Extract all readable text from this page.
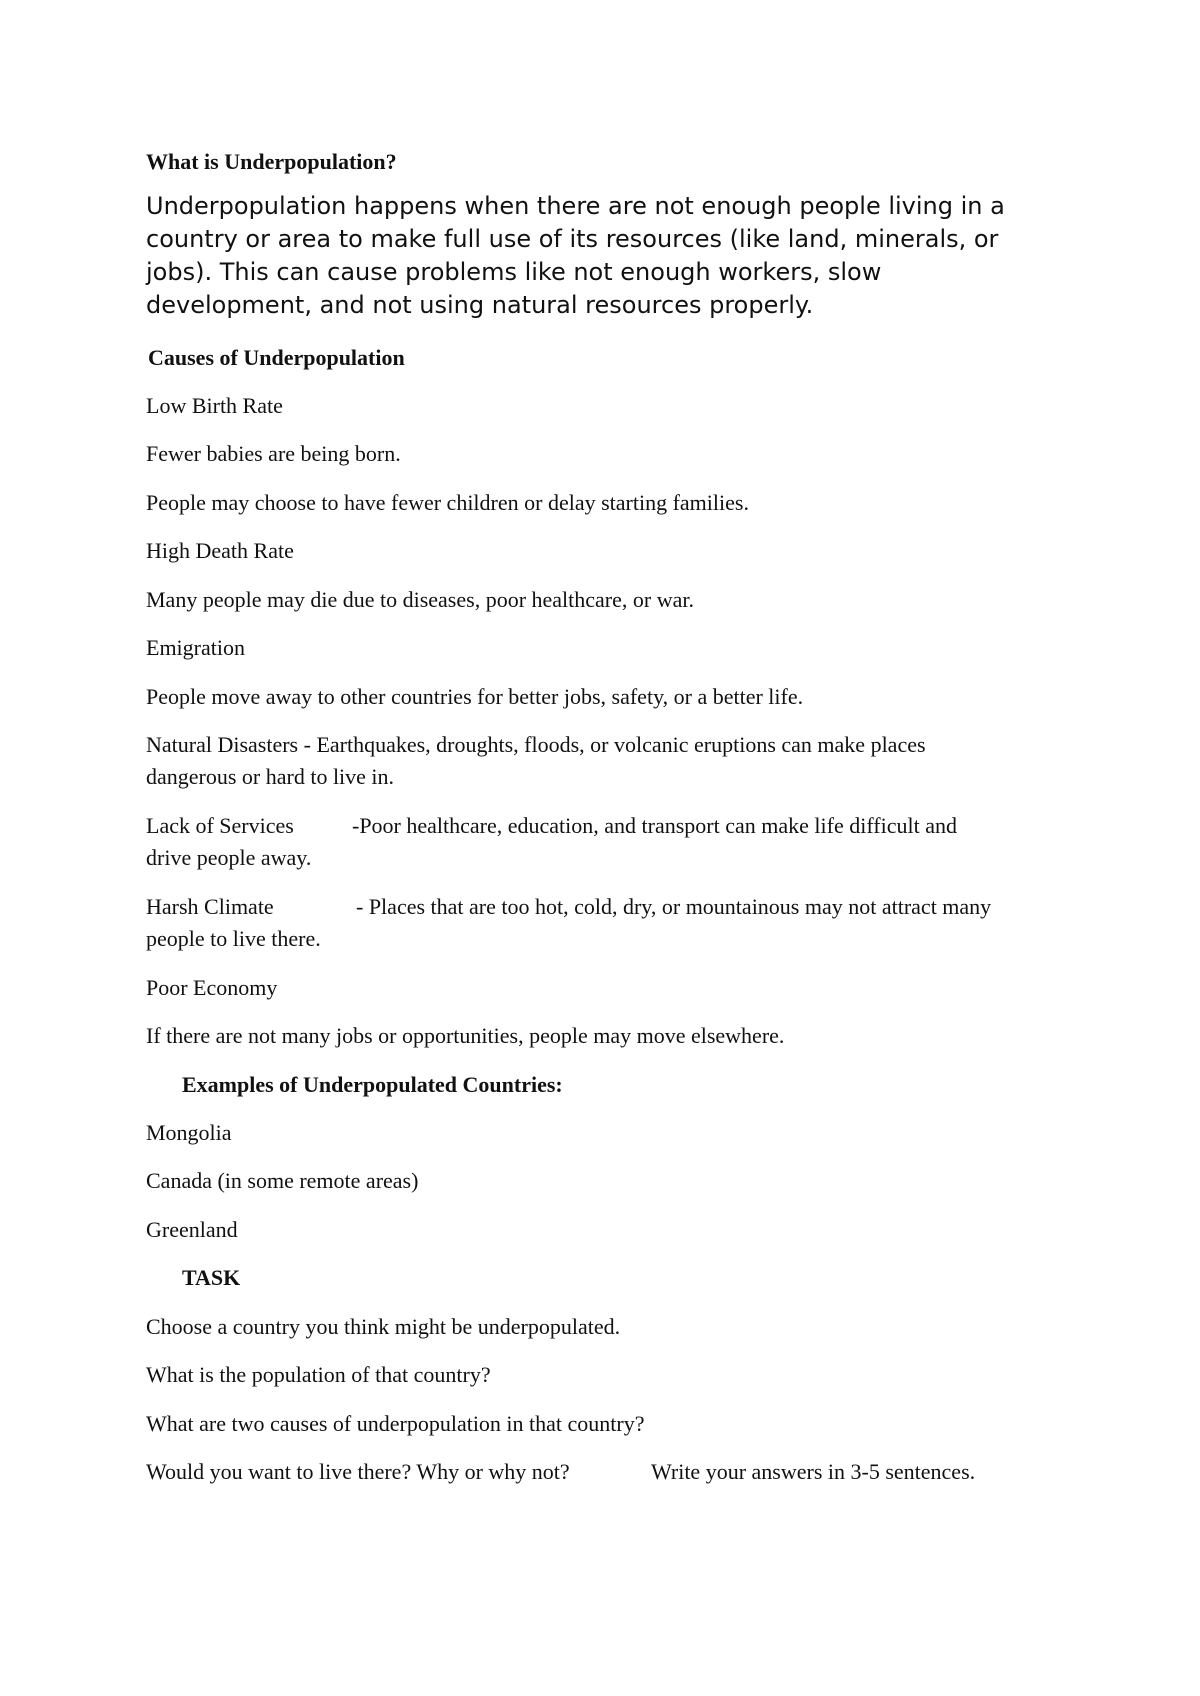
What is Underpopulation?

Underpopulation happens when there are not enough people living in a
country or area to make full use of its resources (like land, minerals, or
jobs). This can cause problems like not enough workers, slow
development, and not using natural resources properly.

Causes of Underpopulation

Low Birth Rate

Fewer babies are being born.

People may choose to have fewer children or delay starting families.

High Death Rate

Many people may die due to diseases, poor healthcare, or war.

Emigration

People move away to other countries for better jobs, safety, or a better life.

Natural Disasters - Earthquakes, droughts, floods, or volcanic eruptions can make places

dangerous or hard to live in.

Lack of Services	-Poor healthcare, education, and transport can make life difficult and

drive people away.

Harsh Climate	- Places that are too hot, cold, dry, or mountainous may not attract many

people to live there.

Poor Economy

If there are not many jobs or opportunities, people may move elsewhere.

Examples of Underpopulated Countries:

Mongolia

Canada (in some remote areas)

Greenland

TASK

Choose a country you think might be underpopulated.

What is the population of that country?

What are two causes of underpopulation in that country?

Would you want to live there? Why or why not?	Write your answers in 3-5 sentences.
